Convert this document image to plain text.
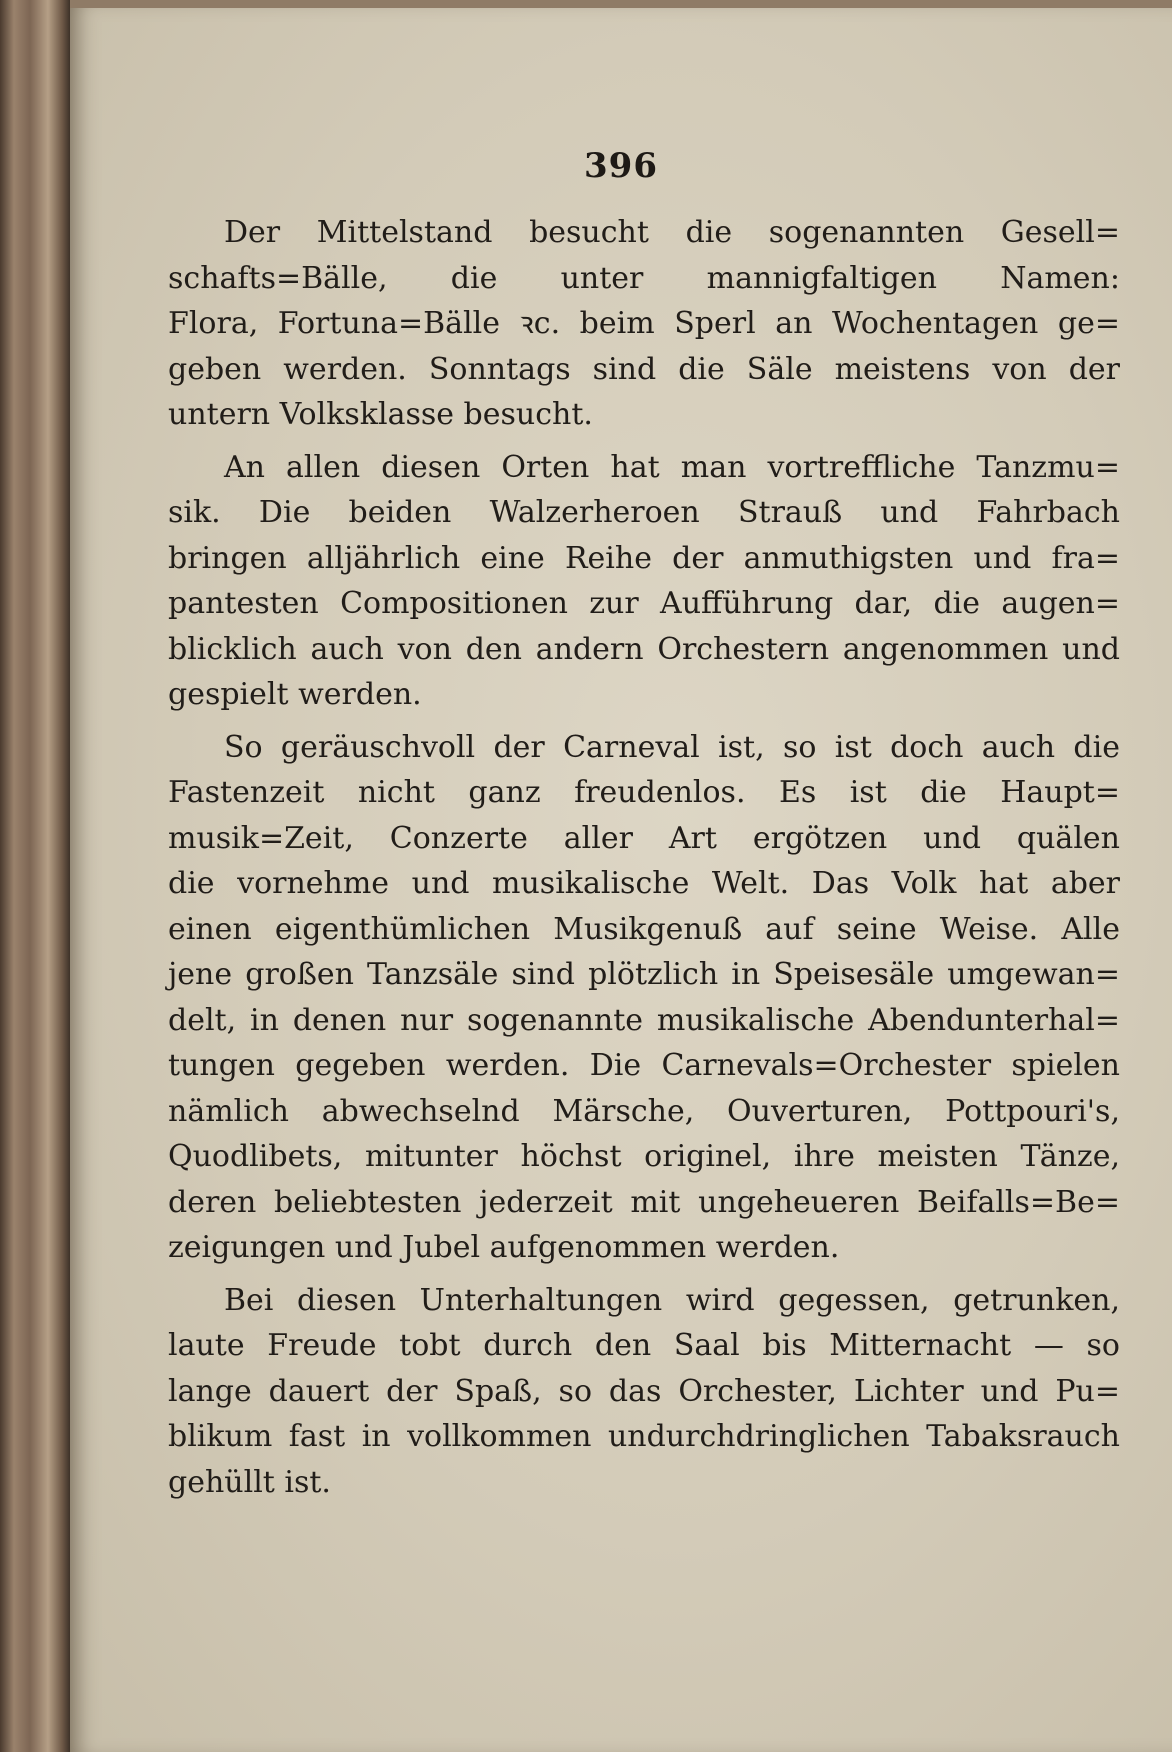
396
Der Mittelstand besucht die sogenannten Gesell=
schafts=Bälle, die unter mannigfaltigen Namen:
Flora, Fortuna=Bälle ꝛc. beim Sperl an Wochentagen ge=
geben werden. Sonntags sind die Säle meistens von der
untern Volksklasse besucht.
An allen diesen Orten hat man vortreffliche Tanzmu=
sik. Die beiden Walzerheroen Strauß und Fahrbach
bringen alljährlich eine Reihe der anmuthigsten und fra=
pantesten Compositionen zur Aufführung dar, die augen=
blicklich auch von den andern Orchestern angenommen und
gespielt werden.
So geräuschvoll der Carneval ist, so ist doch auch die
Fastenzeit nicht ganz freudenlos. Es ist die Haupt=
musik=Zeit, Conzerte aller Art ergötzen und quälen
die vornehme und musikalische Welt. Das Volk hat aber
einen eigenthümlichen Musikgenuß auf seine Weise. Alle
jene großen Tanzsäle sind plötzlich in Speisesäle umgewan=
delt, in denen nur sogenannte musikalische Abendunterhal=
tungen gegeben werden. Die Carnevals=Orchester spielen
nämlich abwechselnd Märsche, Ouverturen, Pottpouri's,
Quodlibets, mitunter höchst originel, ihre meisten Tänze,
deren beliebtesten jederzeit mit ungeheueren Beifalls=Be=
zeigungen und Jubel aufgenommen werden.
Bei diesen Unterhaltungen wird gegessen, getrunken,
laute Freude tobt durch den Saal bis Mitternacht — so
lange dauert der Spaß, so das Orchester, Lichter und Pu=
blikum fast in vollkommen undurchdringlichen Tabaksrauch
gehüllt ist.
